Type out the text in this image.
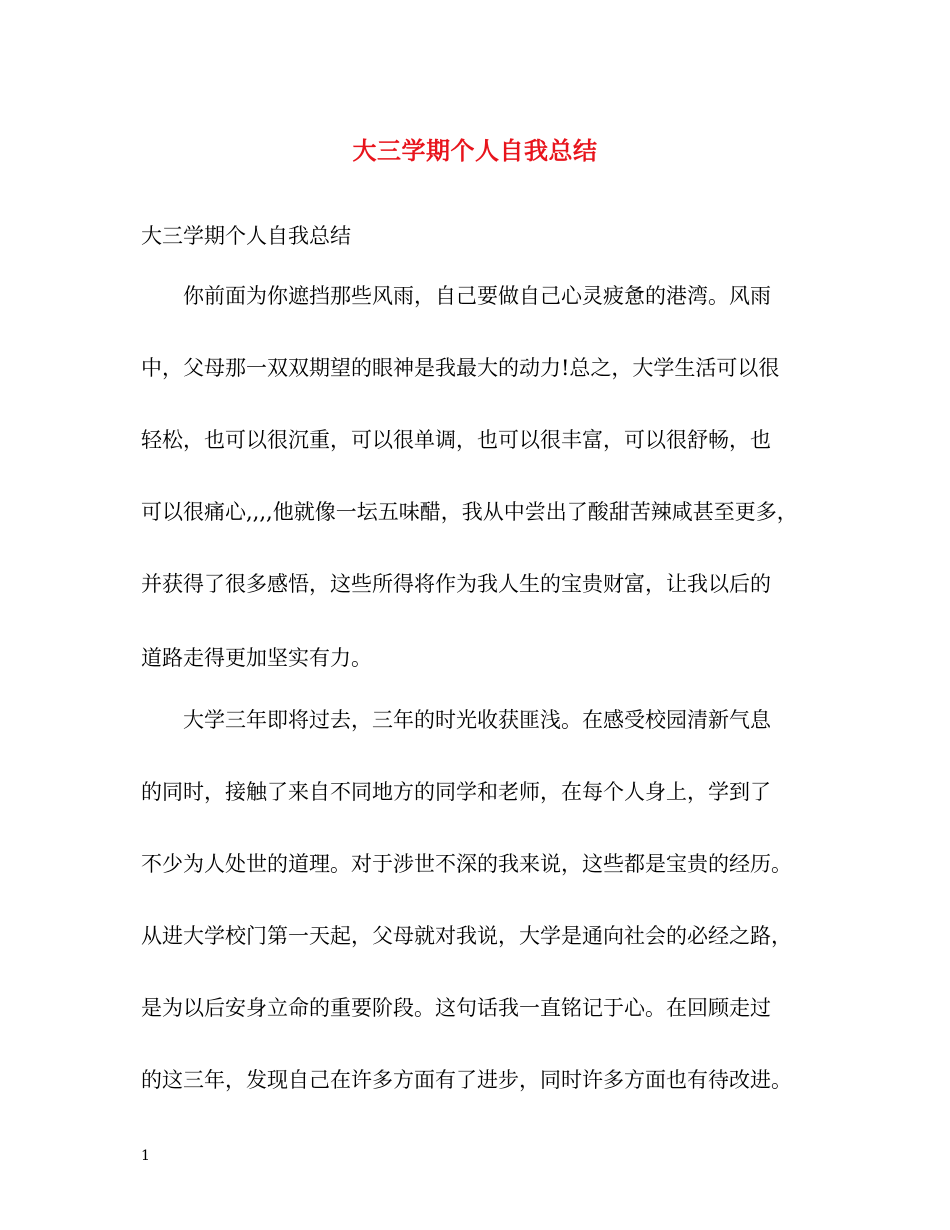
大三学期个人自我总结

大三学期个人自我总结

你前面为你遮挡那些风雨，自己要做自己心灵疲惫的港湾。风雨

中，父母那一双双期望的眼神是我最大的动力!总之，大学生活可以很

轻松，也可以很沉重，可以很单调，也可以很丰富，可以很舒畅，也

可以很痛心,,,,他就像一坛五味醋，我从中尝出了酸甜苦辣咸甚至更多，

并获得了很多感悟，这些所得将作为我人生的宝贵财富，让我以后的

道路走得更加坚实有力。

大学三年即将过去，三年的时光收获匪浅。在感受校园清新气息

的同时，接触了来自不同地方的同学和老师，在每个人身上，学到了

不少为人处世的道理。对于涉世不深的我来说，这些都是宝贵的经历。

从进大学校门第一天起，父母就对我说，大学是通向社会的必经之路，

是为以后安身立命的重要阶段。这句话我一直铭记于心。在回顾走过

的这三年，发现自己在许多方面有了进步，同时许多方面也有待改进。

1
